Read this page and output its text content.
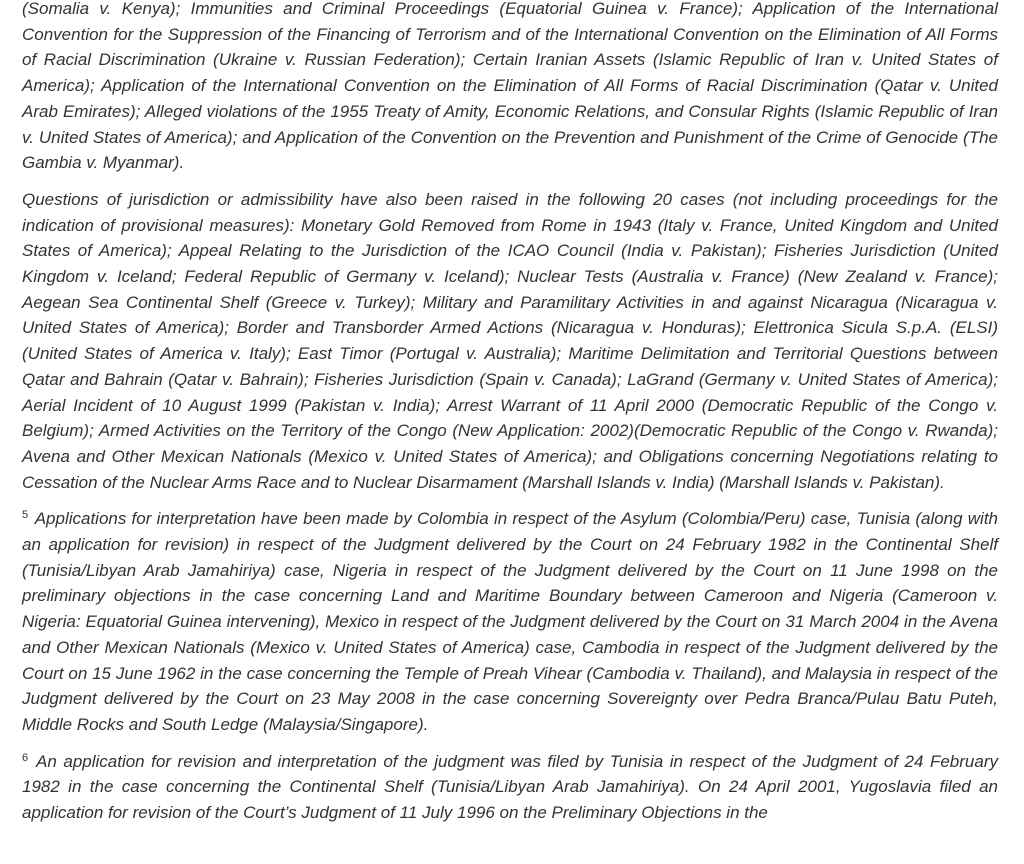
(Somalia v. Kenya); Immunities and Criminal Proceedings (Equatorial Guinea v. France); Application of the International Convention for the Suppression of the Financing of Terrorism and of the International Convention on the Elimination of All Forms of Racial Discrimination (Ukraine v. Russian Federation); Certain Iranian Assets (Islamic Republic of Iran v. United States of America); Application of the International Convention on the Elimination of All Forms of Racial Discrimination (Qatar v. United Arab Emirates); Alleged violations of the 1955 Treaty of Amity, Economic Relations, and Consular Rights (Islamic Republic of Iran v. United States of America); and Application of the Convention on the Prevention and Punishment of the Crime of Genocide (The Gambia v. Myanmar).

Questions of jurisdiction or admissibility have also been raised in the following 20 cases (not including proceedings for the indication of provisional measures): Monetary Gold Removed from Rome in 1943 (Italy v. France, United Kingdom and United States of America); Appeal Relating to the Jurisdiction of the ICAO Council (India v. Pakistan); Fisheries Jurisdiction (United Kingdom v. Iceland; Federal Republic of Germany v. Iceland); Nuclear Tests (Australia v. France) (New Zealand v. France); Aegean Sea Continental Shelf (Greece v. Turkey); Military and Paramilitary Activities in and against Nicaragua (Nicaragua v. United States of America); Border and Transborder Armed Actions (Nicaragua v. Honduras); Elettronica Sicula S.p.A. (ELSI) (United States of America v. Italy); East Timor (Portugal v. Australia); Maritime Delimitation and Territorial Questions between Qatar and Bahrain (Qatar v. Bahrain); Fisheries Jurisdiction (Spain v. Canada); LaGrand (Germany v. United States of America); Aerial Incident of 10 August 1999 (Pakistan v. India); Arrest Warrant of 11 April 2000 (Democratic Republic of the Congo v. Belgium); Armed Activities on the Territory of the Congo (New Application: 2002)(Democratic Republic of the Congo v. Rwanda); Avena and Other Mexican Nationals (Mexico v. United States of America); and Obligations concerning Negotiations relating to Cessation of the Nuclear Arms Race and to Nuclear Disarmament (Marshall Islands v. India) (Marshall Islands v. Pakistan).

$^5$ Applications for interpretation have been made by Colombia in respect of the Asylum (Colombia/Peru) case, Tunisia (along with an application for revision) in respect of the Judgment delivered by the Court on 24 February 1982 in the Continental Shelf (Tunisia/Libyan Arab Jamahiriya) case, Nigeria in respect of the Judgment delivered by the Court on 11 June 1998 on the preliminary objections in the case concerning Land and Maritime Boundary between Cameroon and Nigeria (Cameroon v. Nigeria: Equatorial Guinea intervening), Mexico in respect of the Judgment delivered by the Court on 31 March 2004 in the Avena and Other Mexican Nationals (Mexico v. United States of America) case, Cambodia in respect of the Judgment delivered by the Court on 15 June 1962 in the case concerning the Temple of Preah Vihear (Cambodia v. Thailand), and Malaysia in respect of the Judgment delivered by the Court on 23 May 2008 in the case concerning Sovereignty over Pedra Branca/Pulau Batu Puteh, Middle Rocks and South Ledge (Malaysia/Singapore).

$^6$ An application for revision and interpretation of the judgment was filed by Tunisia in respect of the Judgment of 24 February 1982 in the case concerning the Continental Shelf (Tunisia/Libyan Arab Jamahiriya). On 24 April 2001, Yugoslavia filed an application for revision of the Court’s Judgment of 11 July 1996 on the Preliminary Objections in the
